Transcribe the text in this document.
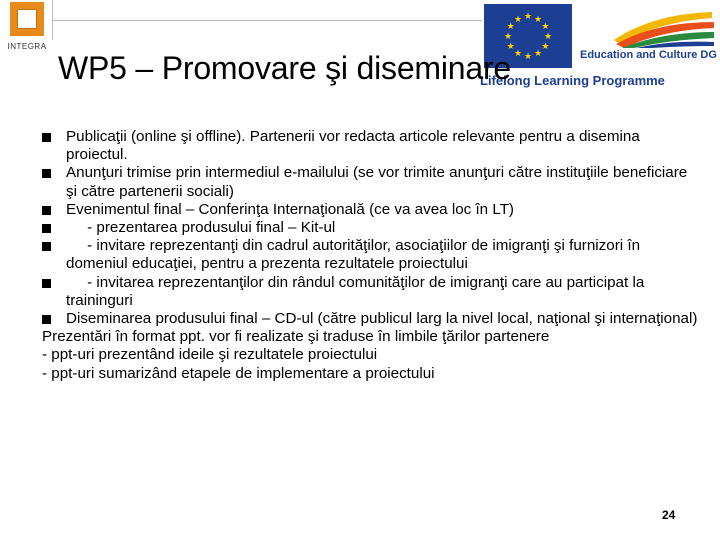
INTEGRA
★
★
★
★
★
★
★
★
★ ★ ★
★
Education and Culture DG
Lifelong Learning Programme
WP5 – Promovare şi diseminare
Publicaţii (online şi offline). Partenerii vor redacta articole relevante pentru a disemina proiectul.
Anunţuri trimise prin intermediul e-mailului (se vor trimite anunţuri către instituţiile beneficiare şi către partenerii sociali)
Evenimentul final – Conferinţa Internaţională (ce va avea loc în LT)
- prezentarea produsului final – Kit-ul
- invitare reprezentanţi din cadrul autorităţilor, asociaţiilor de imigranţi şi furnizori în domeniul educaţiei, pentru a prezenta rezultatele proiectului
- invitarea reprezentanţilor din rândul comunităţilor de imigranţi care au participat la traininguri
Diseminarea produsului final – CD-ul (către publicul larg la nivel local, naţional şi internaţional)
Prezentări în format ppt. vor fi realizate şi traduse în limbile ţărilor partenere
- ppt-uri prezentând ideile şi rezultatele proiectului
- ppt-uri sumarizând etapele de implementare a proiectului
24
